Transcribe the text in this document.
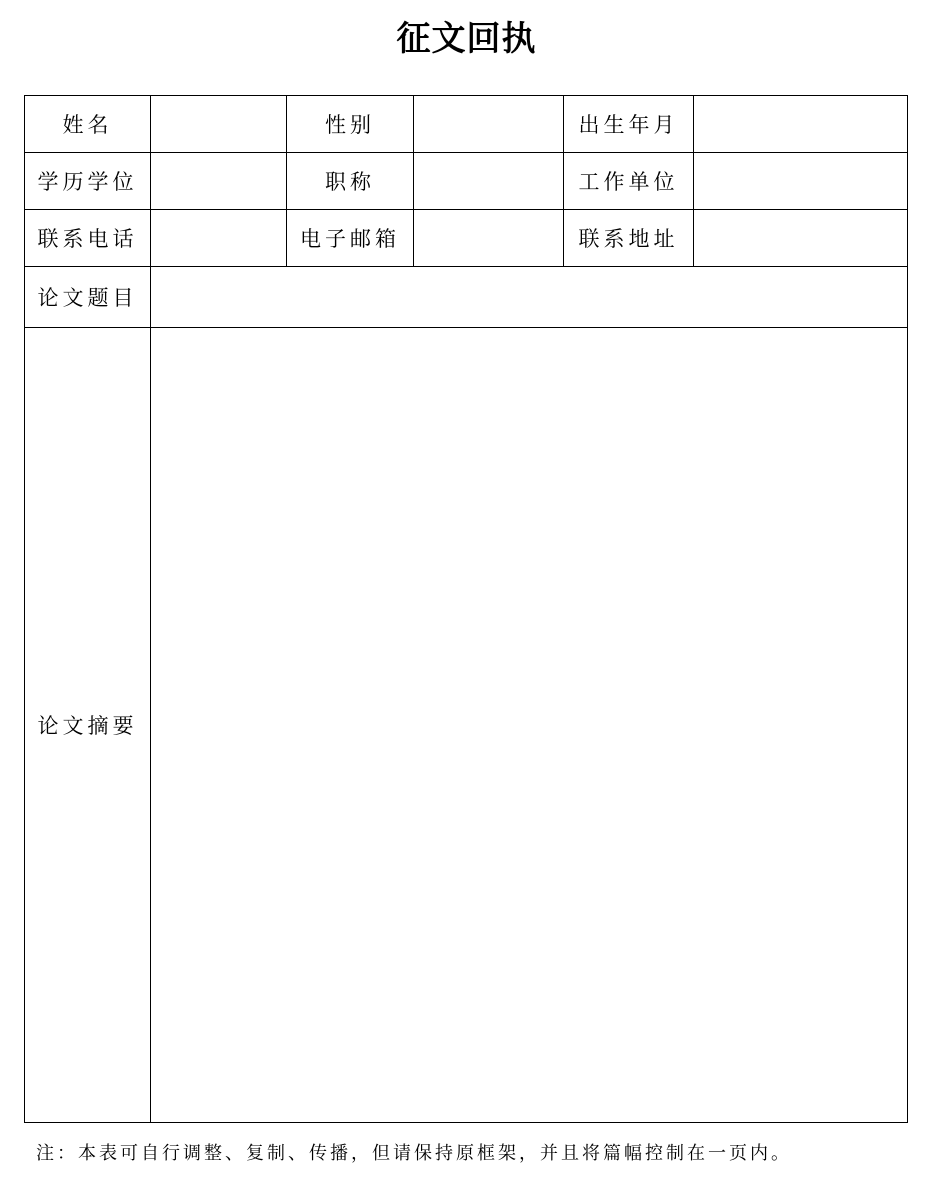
征文回执
姓名		性别		出生年月	
学历学位		职称		工作单位	
联系电话		电子邮箱		联系地址	
论文题目					
论文摘要					
注：本表可自行调整、复制、传播，但请保持原框架，并且将篇幅控制在一页内。
